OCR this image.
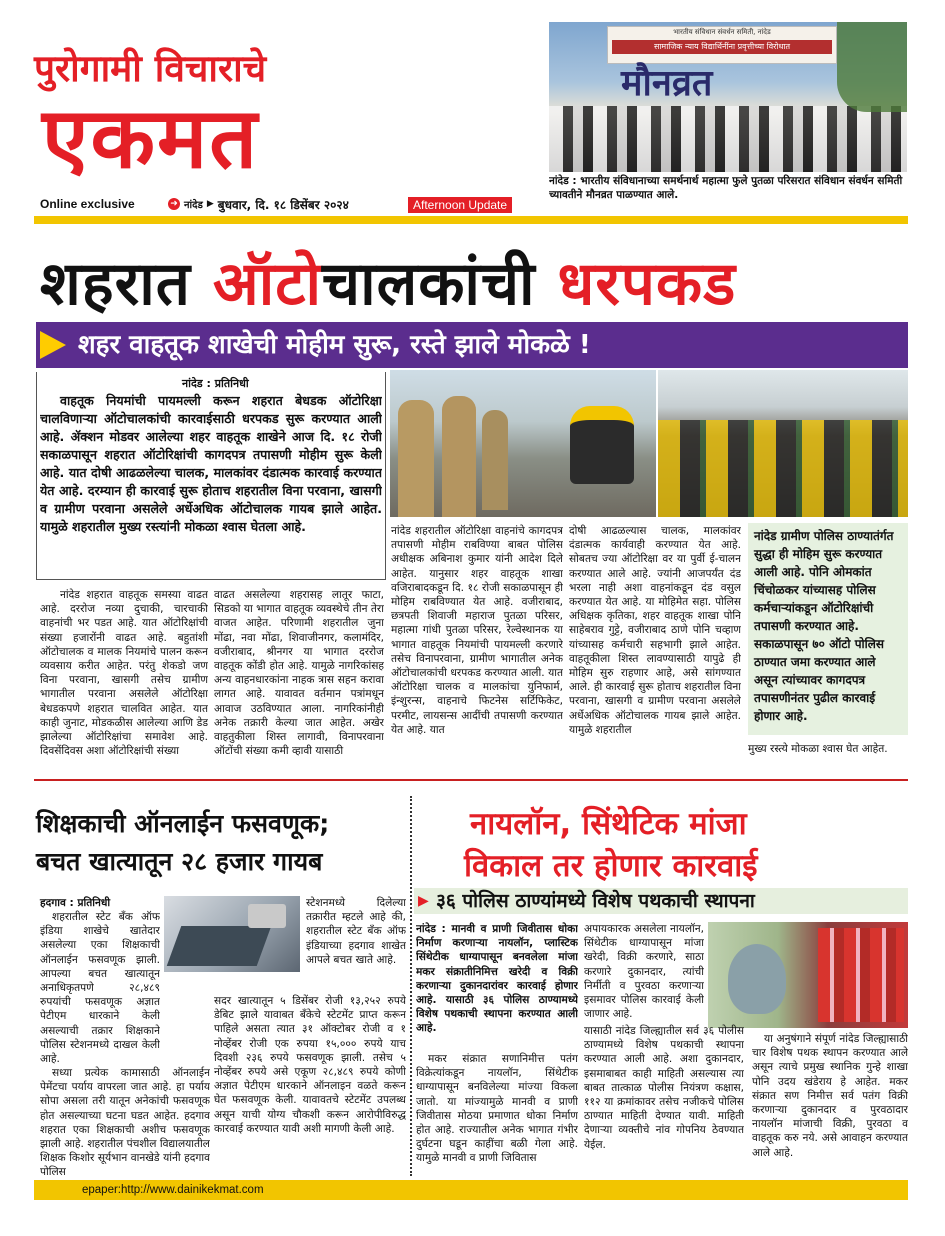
पुरोगामी विचाराचे
एकमत
Online exclusive	➜ नांदेड ▶ बुधवार, दि. १८ डिसेंबर २०२४	Afternoon Update
भारतीय संविधान संवर्धन समिती, नांदेड
सामाजिक न्याय विद्यार्थिनींना प्रवृत्तीच्या विरोधात
मौनव्रत
नांदेड : भारतीय संविधानाच्या समर्थनार्थ महात्मा फुले पुतळा परिसरात संविधान संवर्धन समिती च्यावतीने मौनव्रत पाळण्यात आले.
शहरात ऑटोचालकांची धरपकड
शहर वाहतूक शाखेची मोहीम सुरू, रस्ते झाले मोकळे !
नांदेड : प्रतिनिधी
वाहतूक नियमांची पायमल्ली करून शहरात बेधडक ऑटोरिक्षा चालविणाऱ्या ऑटोचालकांची कारवाईसाठी धरपकड सुरू करण्यात आली आहे. ॲक्शन मोडवर आलेल्या शहर वाहतूक शाखेने आज दि. १८ रोजी सकाळपासून शहरात ऑटोरिक्षांची कागदपत्र तपासणी मोहीम सुरू केली आहे. यात दोषी आढळलेल्या चालक, मालकांवर दंडात्मक कारवाई करण्यात येत आहे. दरम्यान ही कारवाई सुरू होताच शहरातील विना परवाना, खासगी व ग्रामीण परवाना असलेले अर्धेअधिक ऑटोचालक गायब झाले आहेत. यामुळे शहरातील मुख्य रस्त्यांनी मोकळा श्वास घेतला आहे.
नांदेड ग्रामीण पोलिस ठाण्यातंर्गत सुद्धा ही मोहिम सुरू करण्यात आली आहे. पोनि ओमकांत चिंचोळकर यांच्यासह पोलिस कर्मचाऱ्यांकडून ऑटोरिक्षांची तपासणी करण्यात आहे. सकाळपासून ७० ऑटो पोलिस ठाण्यात जमा करण्यात आले असून त्यांच्यावर कागदपत्र तपासणीनंतर पुढील कारवाई होणार आहे.
मुख्य रस्त्ये मोकळा श्वास घेत आहेत.
नांदेड शहरात वाहतूक समस्या वाढत आहे. दररोज नव्या दुचाकी, चारचाकी वाहनांची भर पडत आहे. यात ऑटोरिक्षांची संख्या हजारोंनी वाढत आहे. बहुतांशी ऑटोचालक व मालक नियमांचे पालन करून व्यवसाय करीत आहेत. परंतु शेकडो जण विना परवाना, खासगी तसेच ग्रामीण भागातील परवाना असलेले ऑटोरिक्षा बेधडकपणे शहरात चालवित आहेत. यात काही जुनाट, मोडकळीस आलेल्या आणि डेड झालेल्या ऑटोरिक्षांचा समावेश आहे. दिवसेंदिवस अशा ऑटोरिक्षांची संख्या
वाढत असलेल्या शहरासह लातूर फाटा, सिडको या भागात वाहतूक व्यवस्थेचे तीन तेरा वाजत आहेत. परिणामी शहरातील जुना मोंढा, नवा मोंढा, शिवाजीनगर, कलामंदिर, वजीराबाद, श्रीनगर या भागात दररोज वाहतूक कोंडी होत आहे. यामुळे नागरिकांसह अन्य वाहनधारकांना नाहक त्रास सहन करावा लागत आहे. यावावत वर्तमान पत्रांमधून आवाज उठविण्यात आला. नागरिकांनीही अनेक तक्रारी केल्या जात आहेत. अखेर वाहतुकीला शिस्त लागावी, विनापरवाना ऑटोंची संख्या कमी व्हावी यासाठी
नांदेड शहरातील ऑटोरिक्षा वाहनांचे कागदपत्र तपासणी मोहीम राबविण्या बाबत पोलिस अधीक्षक अबिनाश कुमार यांनी आदेश दिले आहेत. यानुसार शहर वाहतूक शाखा वजिराबादकडून दि. १८ रोजी सकाळपासून ही मोहिम राबविण्यात येत आहे. वजीराबाद, छत्रपती शिवाजी महाराज पुतळा परिसर, महात्मा गांधी पुतळा परिसर, रेल्वेस्थानक या भागात वाहतूक नियमांची पायमल्ली करणारे तसेच विनापरवाना, ग्रामीण भागातील अनेक ऑटोचालकांची धरपकड करण्यात आली. यात ऑटोरिक्षा चालक व मालकांचा युनिफार्म, इंन्शुरन्स, वाहनाचे फिटनेस सर्टिफिकेट, परमीट, लायसन्स आदींची तपासणी करण्यात येत आहे. यात
दोषी आढळल्यास चालक, मालकांवर दंडात्मक कार्यवाही करण्यात येत आहे. सोबतच ज्या ऑटोरिक्षा वर या पुर्वी ई-चालन करण्यात आले आहे. ज्यांनी आजपर्यंत दंड भरला नाही अशा वाहनांकडून दंड वसुल करण्यात येत आहे. या मोहिमेत सहा. पोलिस अधिक्षक कृतिका, शहर वाहतूक शाखा पोनि साहेबराव गुट्टे, वजीराबाद ठाणे पोनि चव्हाण यांच्यासह कर्मचारी सहभागी झाले आहेत. वाहतूकीला शिस्त लावण्यासाठी यापुढे ही मोहिम सुरु राहणार आहे, असे सांगण्यात आले. ही कारवाई सुरू होताच शहरातील विना परवाना, खासगी व ग्रामीण परवाना असलेले अर्धेअधिक ऑटोचालक गायब झाले आहेत. यामुळे शहरातील
शिक्षकाची ऑनलाईन फसवणूक;
बचत खात्यातून २८ हजार गायब
हदगाव : प्रतिनिधी
शहरातील स्टेट बँक ऑफ इंडिया शाखेचे खातेदार असलेल्या एका शिक्षकाची ऑनलाईन फसवणूक झाली. आपल्या बचत खात्यातून अनाधिकृतपणे २८,४८९ रुपयांची फसवणूक अज्ञात पेटीएम धारकाने केली असल्याची तक्रार शिक्षकाने पोलिस स्टेशनमध्ये दाखल केली आहे.
स्टेशनमध्ये दिलेल्या तक्रारीत म्हटले आहे की, शहरातील स्टेट बँक ऑफ इंडियाच्या हदगाव शाखेत आपले बचत खाते आहे.
सध्या प्रत्येक कामासाठी ऑनलाईन पेमेंटचा पर्याय वापरला जात आहे. हा पर्याय सोपा असला तरी यातून अनेकांची फसवणूक होत असल्याच्या घटना घडत आहेत. हदगाव शहरात एका शिक्षकाची अशीच फसवणूक झाली आहे. शहरातील पंचशील विद्यालयातील शिक्षक किशोर सूर्यभान वानखेडे यांनी हदगाव पोलिस
सदर खात्यातून ५ डिसेंबर रोजी १३,२५२ रुपये डेबिट झाले यावाबत बँकेचे स्टेटमेंट प्राप्त करून पाहिले असता त्यात ३१ ऑक्टोबर रोजी व १ नोव्हेंबर रोजी एक रुपया १५,००० रुपये याच दिवशी २३६ रुपये फसवणूक झाली. तसेच ५ नोव्हेंबर रुपये असे एकूण २८,४८९ रुपये कोणी अज्ञात पेटीएम धारकाने ऑनलाइन वळते करून घेत फसवणूक केली. यावावतचे स्टेटमेंट उपलब्ध असून याची योग्य चौकशी करून आरोपीविरुद्ध कारवाई करण्यात यावी अशी मागणी केली आहे.
नायलॉन, सिंथेटिक मांजा
विकाल तर होणार कारवाई
▶ ३६ पोलिस ठाण्यांमध्ये विशेष पथकाची स्थापना
नांदेड : मानवी व प्राणी जिवीतास धोका निर्माण करणाऱ्या नायलॉन, प्लास्टिक सिंथेटीक धाग्यापासून बनवलेला मांजा मकर संक्रातीनिमित्त खरेदी व विक्री करणाऱ्या दुकानदारांवर कारवाई होणार आहे. यासाठी ३६ पोलिस ठाण्यामध्ये विशेष पथकाची स्थापना करण्यात आली आहे.
मकर संक्रात सणानिमीत्त पतंग विक्रेत्यांकडून नायलॉन, सिंथेटीक धाग्यापासून बनविलेल्या मांज्या विकला जातो. या मांज्यामुळे मानवी व प्राणी जिवीतास मोठया प्रमाणात धोका निर्माण होत आहे. राज्यातील अनेक भागात गंभीर दुर्घटना घडून काहींचा बळी गेला आहे. यामुळे मानवी व प्राणी जिवितास
अपायकारक असलेला नायलॉन, सिंथेटीक धाग्यापासून मांजा खरेदी, विक्री करणारे, साठा करणारे दुकानदार, त्यांची निर्मीती व पुरवठा करणाऱ्या इसमावर पोलिस कारवाई केली जाणार आहे.
यासाठी नांदेड जिल्ह्यातील सर्व ३६ पोलीस ठाण्यामध्ये विशेष पथकाची स्थापना करण्यात आली आहे. अशा दुकानदार, इसमाबाबत काही माहिती असल्यास त्या बाबत तात्काळ पोलीस नियंत्रण कक्षास, ११२ या क्रमांकावर तसेच नजीकचे पोलिस ठाण्यात माहिती देण्यात यावी. माहिती देणाऱ्या व्यक्तीचे नांव गोपनिय ठेवण्यात येईल.
या अनुषंगाने संपूर्ण नांदेड जिल्ह्यासाठी चार विशेष पथक स्थापन करण्यात आले असून त्याचे प्रमुख स्थानिक गुन्हे शाखा पोनि उदय खंडेराय हे आहेत. मकर संक्रात सण निमीत्त सर्व पतंग विक्री करणाऱ्या दुकानदार व पुरवठादार नायलॉन मांजाची विक्री, पुरवठा व वाहतूक करु नये. असे आवाहन करण्यात आले आहे.
epaper:http://www.dainikekmat.com
